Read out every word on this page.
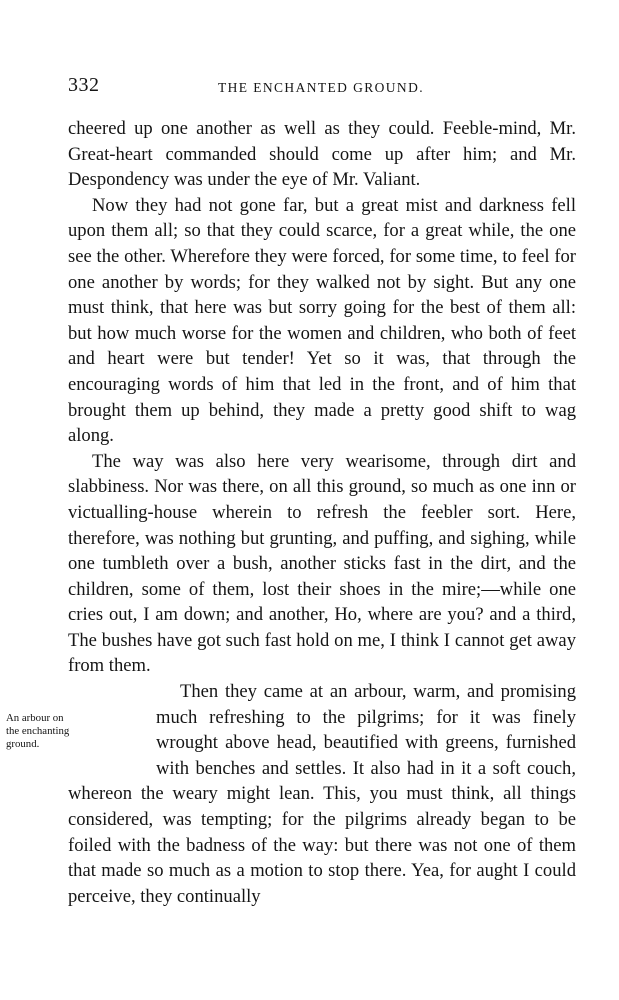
332	THE ENCHANTED GROUND.

cheered up one another as well as they could. Feeble-mind, Mr. Great-heart commanded should come up after him; and Mr. Despondency was under the eye of Mr. Valiant.

Now they had not gone far, but a great mist and darkness fell upon them all; so that they could scarce, for a great while, the one see the other. Wherefore they were forced, for some time, to feel for one another by words; for they walked not by sight. But any one must think, that here was but sorry going for the best of them all: but how much worse for the women and children, who both of feet and heart were but tender! Yet so it was, that through the encouraging words of him that led in the front, and of him that brought them up behind, they made a pretty good shift to wag along.

The way was also here very wearisome, through dirt and slabbiness. Nor was there, on all this ground, so much as one inn or victualling-house wherein to refresh the feebler sort. Here, therefore, was nothing but grunting, and puffing, and sighing, while one tumbleth over a bush, another sticks fast in the dirt, and the children, some of them, lost their shoes in the mire;—while one cries out, I am down; and another, Ho, where are you? and a third, The bushes have got such fast hold on me, I think I cannot get away from them.

Then they came at an arbour, warm, and promising much refreshing to the pilgrims; for it was finely wrought above head, beautified with greens, furnished with benches and settles. It also had in it a soft couch, whereon the weary might lean. This, you must think, all things considered, was tempting; for the pilgrims already began to be foiled with the badness of the way: but there was not one of them that made so much as a motion to stop there. Yea, for aught I could perceive, they continually

An arbour on
the enchanting
ground.
